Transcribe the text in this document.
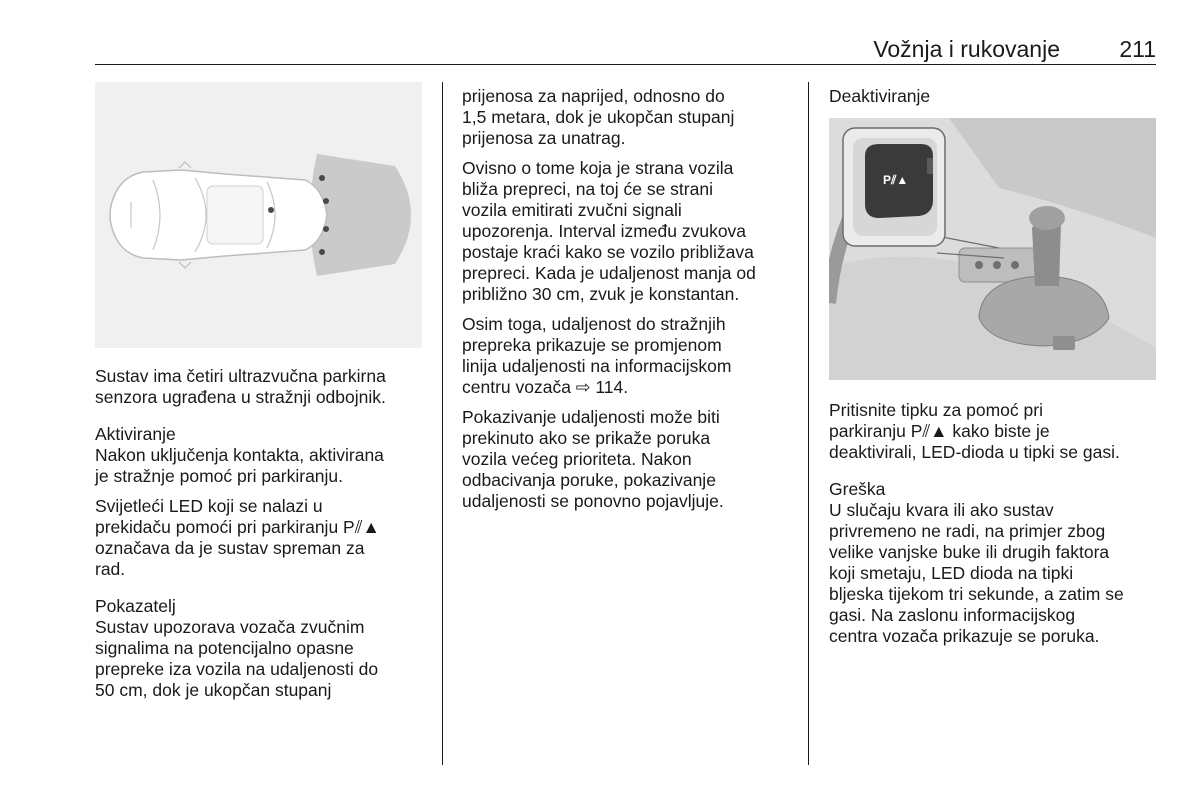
Vožnja i rukovanje	211

Sustav ima četiri ultrazvučna parkirna
senzora ugrađena u stražnji odbojnik.

Aktiviranje

Nakon uključenja kontakta, aktivirana
je stražnje pomoć pri parkiranju.

Svijetleći LED koji se nalazi u
prekidaču pomoći pri parkiranju P⫽▲
označava da je sustav spreman za
rad.

Pokazatelj

Sustav upozorava vozača zvučnim
signalima na potencijalno opasne
prepreke iza vozila na udaljenosti do
50 cm, dok je ukopčan stupanj

prijenosa za naprijed, odnosno do
1,5 metara, dok je ukopčan stupanj
prijenosa za unatrag.

Ovisno o tome koja je strana vozila
bliža prepreci, na toj će se strani
vozila emitirati zvučni signali
upozorenja. Interval između zvukova
postaje kraći kako se vozilo približava
prepreci. Kada je udaljenost manja od
približno 30 cm, zvuk je konstantan.

Osim toga, udaljenost do stražnjih
prepreka prikazuje se promjenom
linija udaljenosti na informacijskom
centru vozača ⇨ 114.

Pokazivanje udaljenosti može biti
prekinuto ako se prikaže poruka
vozila većeg prioriteta. Nakon
odbacivanja poruke, pokazivanje
udaljenosti se ponovno pojavljuje.

Deaktiviranje
P⫽▲

Pritisnite tipku za pomoć pri
parkiranju P⫽▲ kako biste je
deaktivirali, LED-dioda u tipki se gasi.

Greška

U slučaju kvara ili ako sustav
privremeno ne radi, na primjer zbog
velike vanjske buke ili drugih faktora
koji smetaju, LED dioda na tipki
bljeska tijekom tri sekunde, a zatim se
gasi. Na zaslonu informacijskog
centra vozača prikazuje se poruka.
